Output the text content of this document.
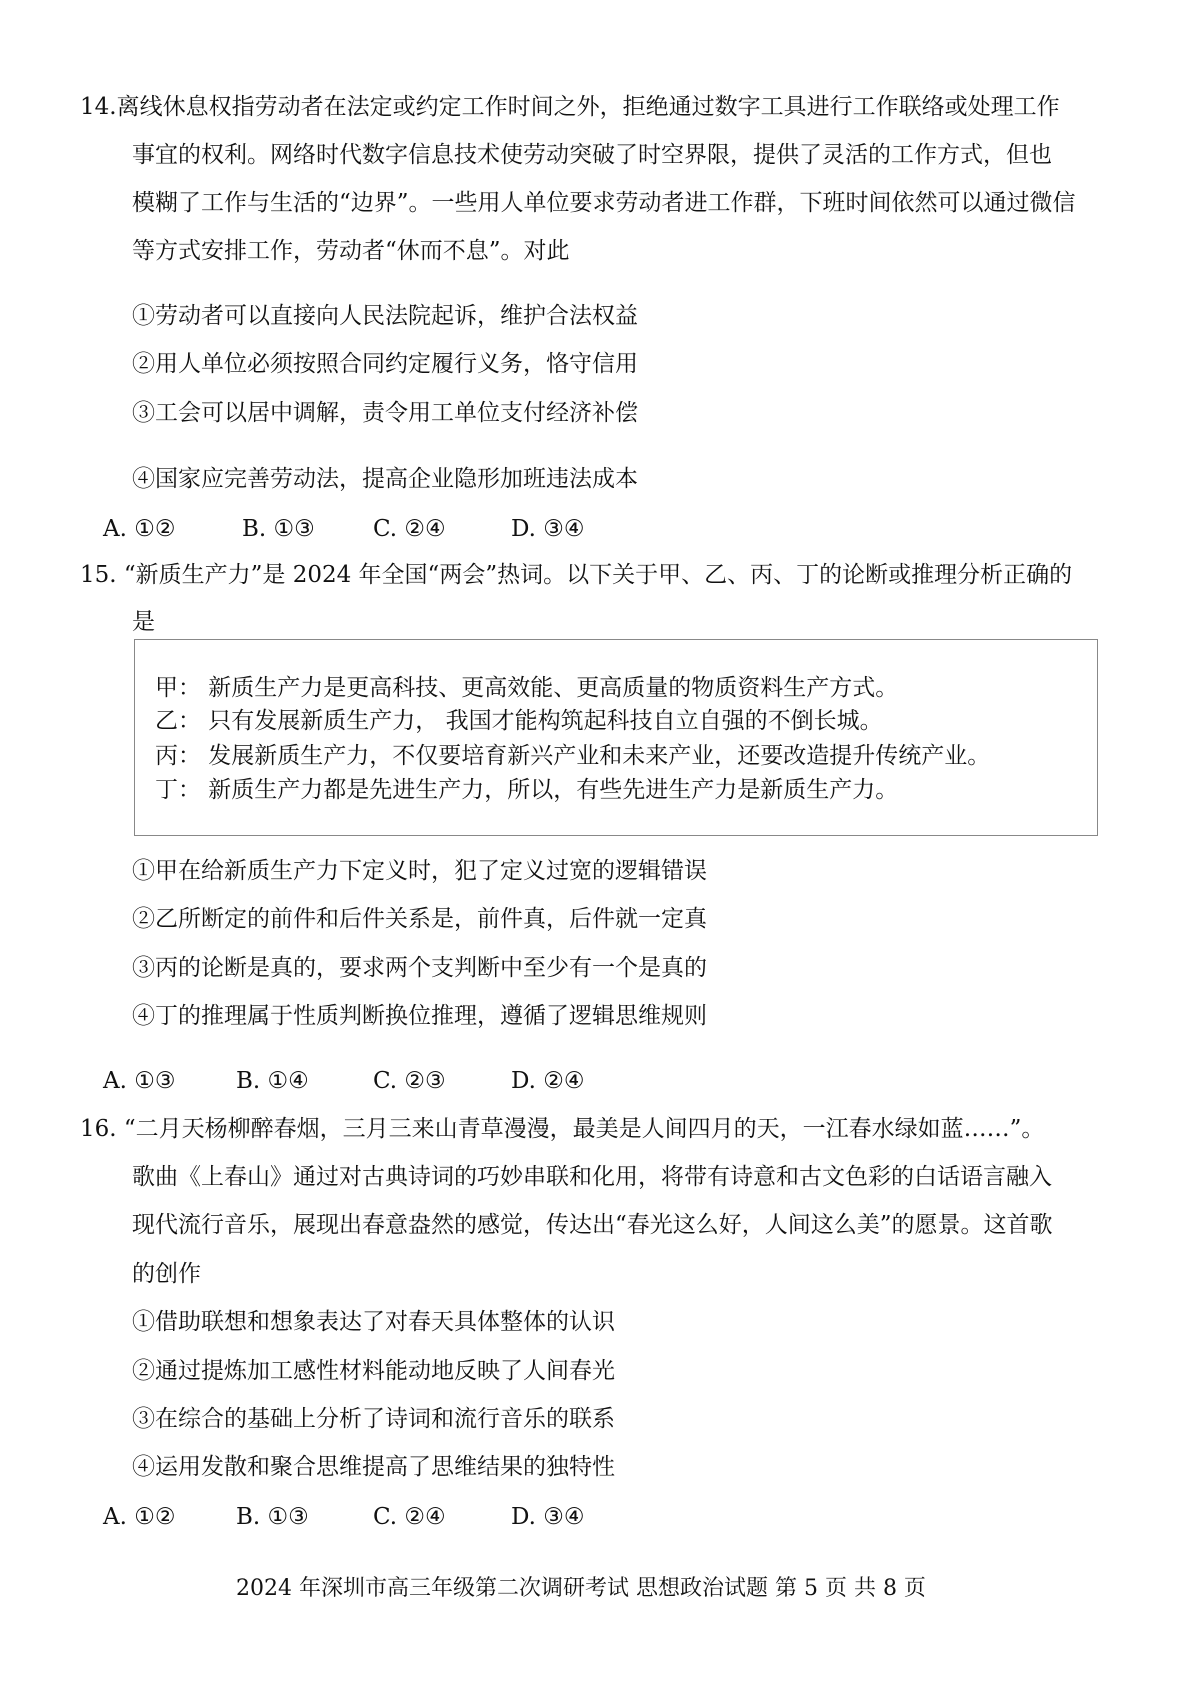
14.离线休息权指劳动者在法定或约定工作时间之外，拒绝通过数字工具进行工作联络或处理工作
事宜的权利。网络时代数字信息技术使劳动突破了时空界限，提供了灵活的工作方式，但也
模糊了工作与生活的“边界”。一些用人单位要求劳动者进工作群，下班时间依然可以通过微信
等方式安排工作，劳动者“休而不息”。对此
①劳动者可以直接向人民法院起诉，维护合法权益
②用人单位必须按照合同约定履行义务，恪守信用
③工会可以居中调解，责令用工单位支付经济补偿
④国家应完善劳动法，提高企业隐形加班违法成本
A. ①②	B. ①③	C. ②④	D. ③④
15. “新质生产力”是 2024 年全国“两会”热词。以下关于甲、乙、丙、丁的论断或推理分析正确的
是
甲： 新质生产力是更高科技、更高效能、更高质量的物质资料生产方式。
乙： 只有发展新质生产力， 我国才能构筑起科技自立自强的不倒长城。
丙： 发展新质生产力，不仅要培育新兴产业和未来产业，还要改造提升传统产业。
丁： 新质生产力都是先进生产力，所以，有些先进生产力是新质生产力。
①甲在给新质生产力下定义时，犯了定义过宽的逻辑错误
②乙所断定的前件和后件关系是，前件真，后件就一定真
③丙的论断是真的，要求两个支判断中至少有一个是真的
④丁的推理属于性质判断换位推理，遵循了逻辑思维规则
A. ①③	B. ①④	C. ②③	D. ②④
16. “二月天杨柳醉春烟，三月三来山青草漫漫，最美是人间四月的天，一江春水绿如蓝……”。
歌曲《上春山》通过对古典诗词的巧妙串联和化用，将带有诗意和古文色彩的白话语言融入
现代流行音乐，展现出春意盎然的感觉，传达出“春光这么好，人间这么美”的愿景。这首歌
的创作
①借助联想和想象表达了对春天具体整体的认识
②通过提炼加工感性材料能动地反映了人间春光
③在综合的基础上分析了诗词和流行音乐的联系
④运用发散和聚合思维提高了思维结果的独特性
A. ①②	B. ①③	C. ②④	D. ③④
2024 年深圳市高三年级第二次调研考试 思想政治试题 第 5 页 共 8 页
